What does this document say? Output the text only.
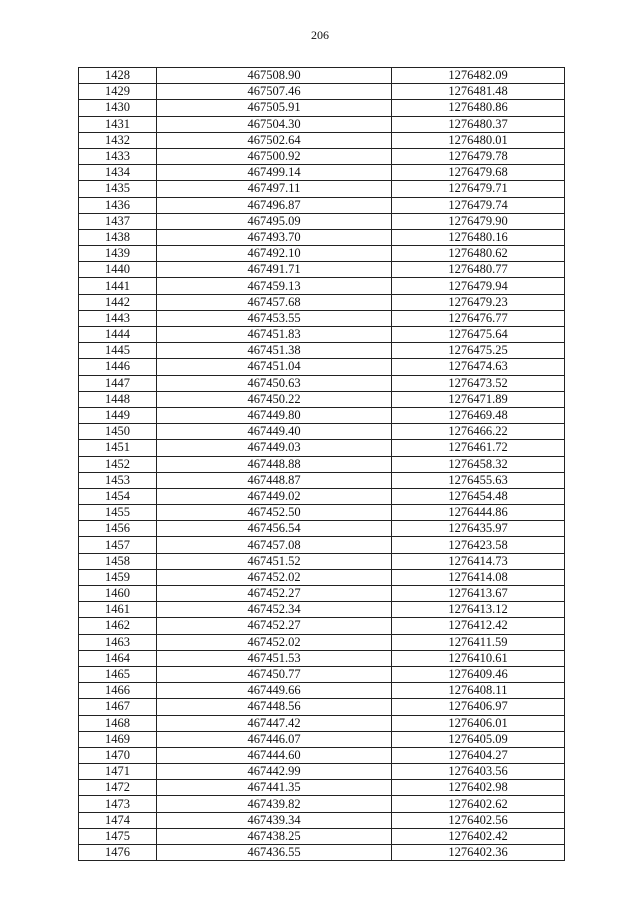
206
1428	467508.90	1276482.09
1429	467507.46	1276481.48
1430	467505.91	1276480.86
1431	467504.30	1276480.37
1432	467502.64	1276480.01
1433	467500.92	1276479.78
1434	467499.14	1276479.68
1435	467497.11	1276479.71
1436	467496.87	1276479.74
1437	467495.09	1276479.90
1438	467493.70	1276480.16
1439	467492.10	1276480.62
1440	467491.71	1276480.77
1441	467459.13	1276479.94
1442	467457.68	1276479.23
1443	467453.55	1276476.77
1444	467451.83	1276475.64
1445	467451.38	1276475.25
1446	467451.04	1276474.63
1447	467450.63	1276473.52
1448	467450.22	1276471.89
1449	467449.80	1276469.48
1450	467449.40	1276466.22
1451	467449.03	1276461.72
1452	467448.88	1276458.32
1453	467448.87	1276455.63
1454	467449.02	1276454.48
1455	467452.50	1276444.86
1456	467456.54	1276435.97
1457	467457.08	1276423.58
1458	467451.52	1276414.73
1459	467452.02	1276414.08
1460	467452.27	1276413.67
1461	467452.34	1276413.12
1462	467452.27	1276412.42
1463	467452.02	1276411.59
1464	467451.53	1276410.61
1465	467450.77	1276409.46
1466	467449.66	1276408.11
1467	467448.56	1276406.97
1468	467447.42	1276406.01
1469	467446.07	1276405.09
1470	467444.60	1276404.27
1471	467442.99	1276403.56
1472	467441.35	1276402.98
1473	467439.82	1276402.62
1474	467439.34	1276402.56
1475	467438.25	1276402.42
1476	467436.55	1276402.36
